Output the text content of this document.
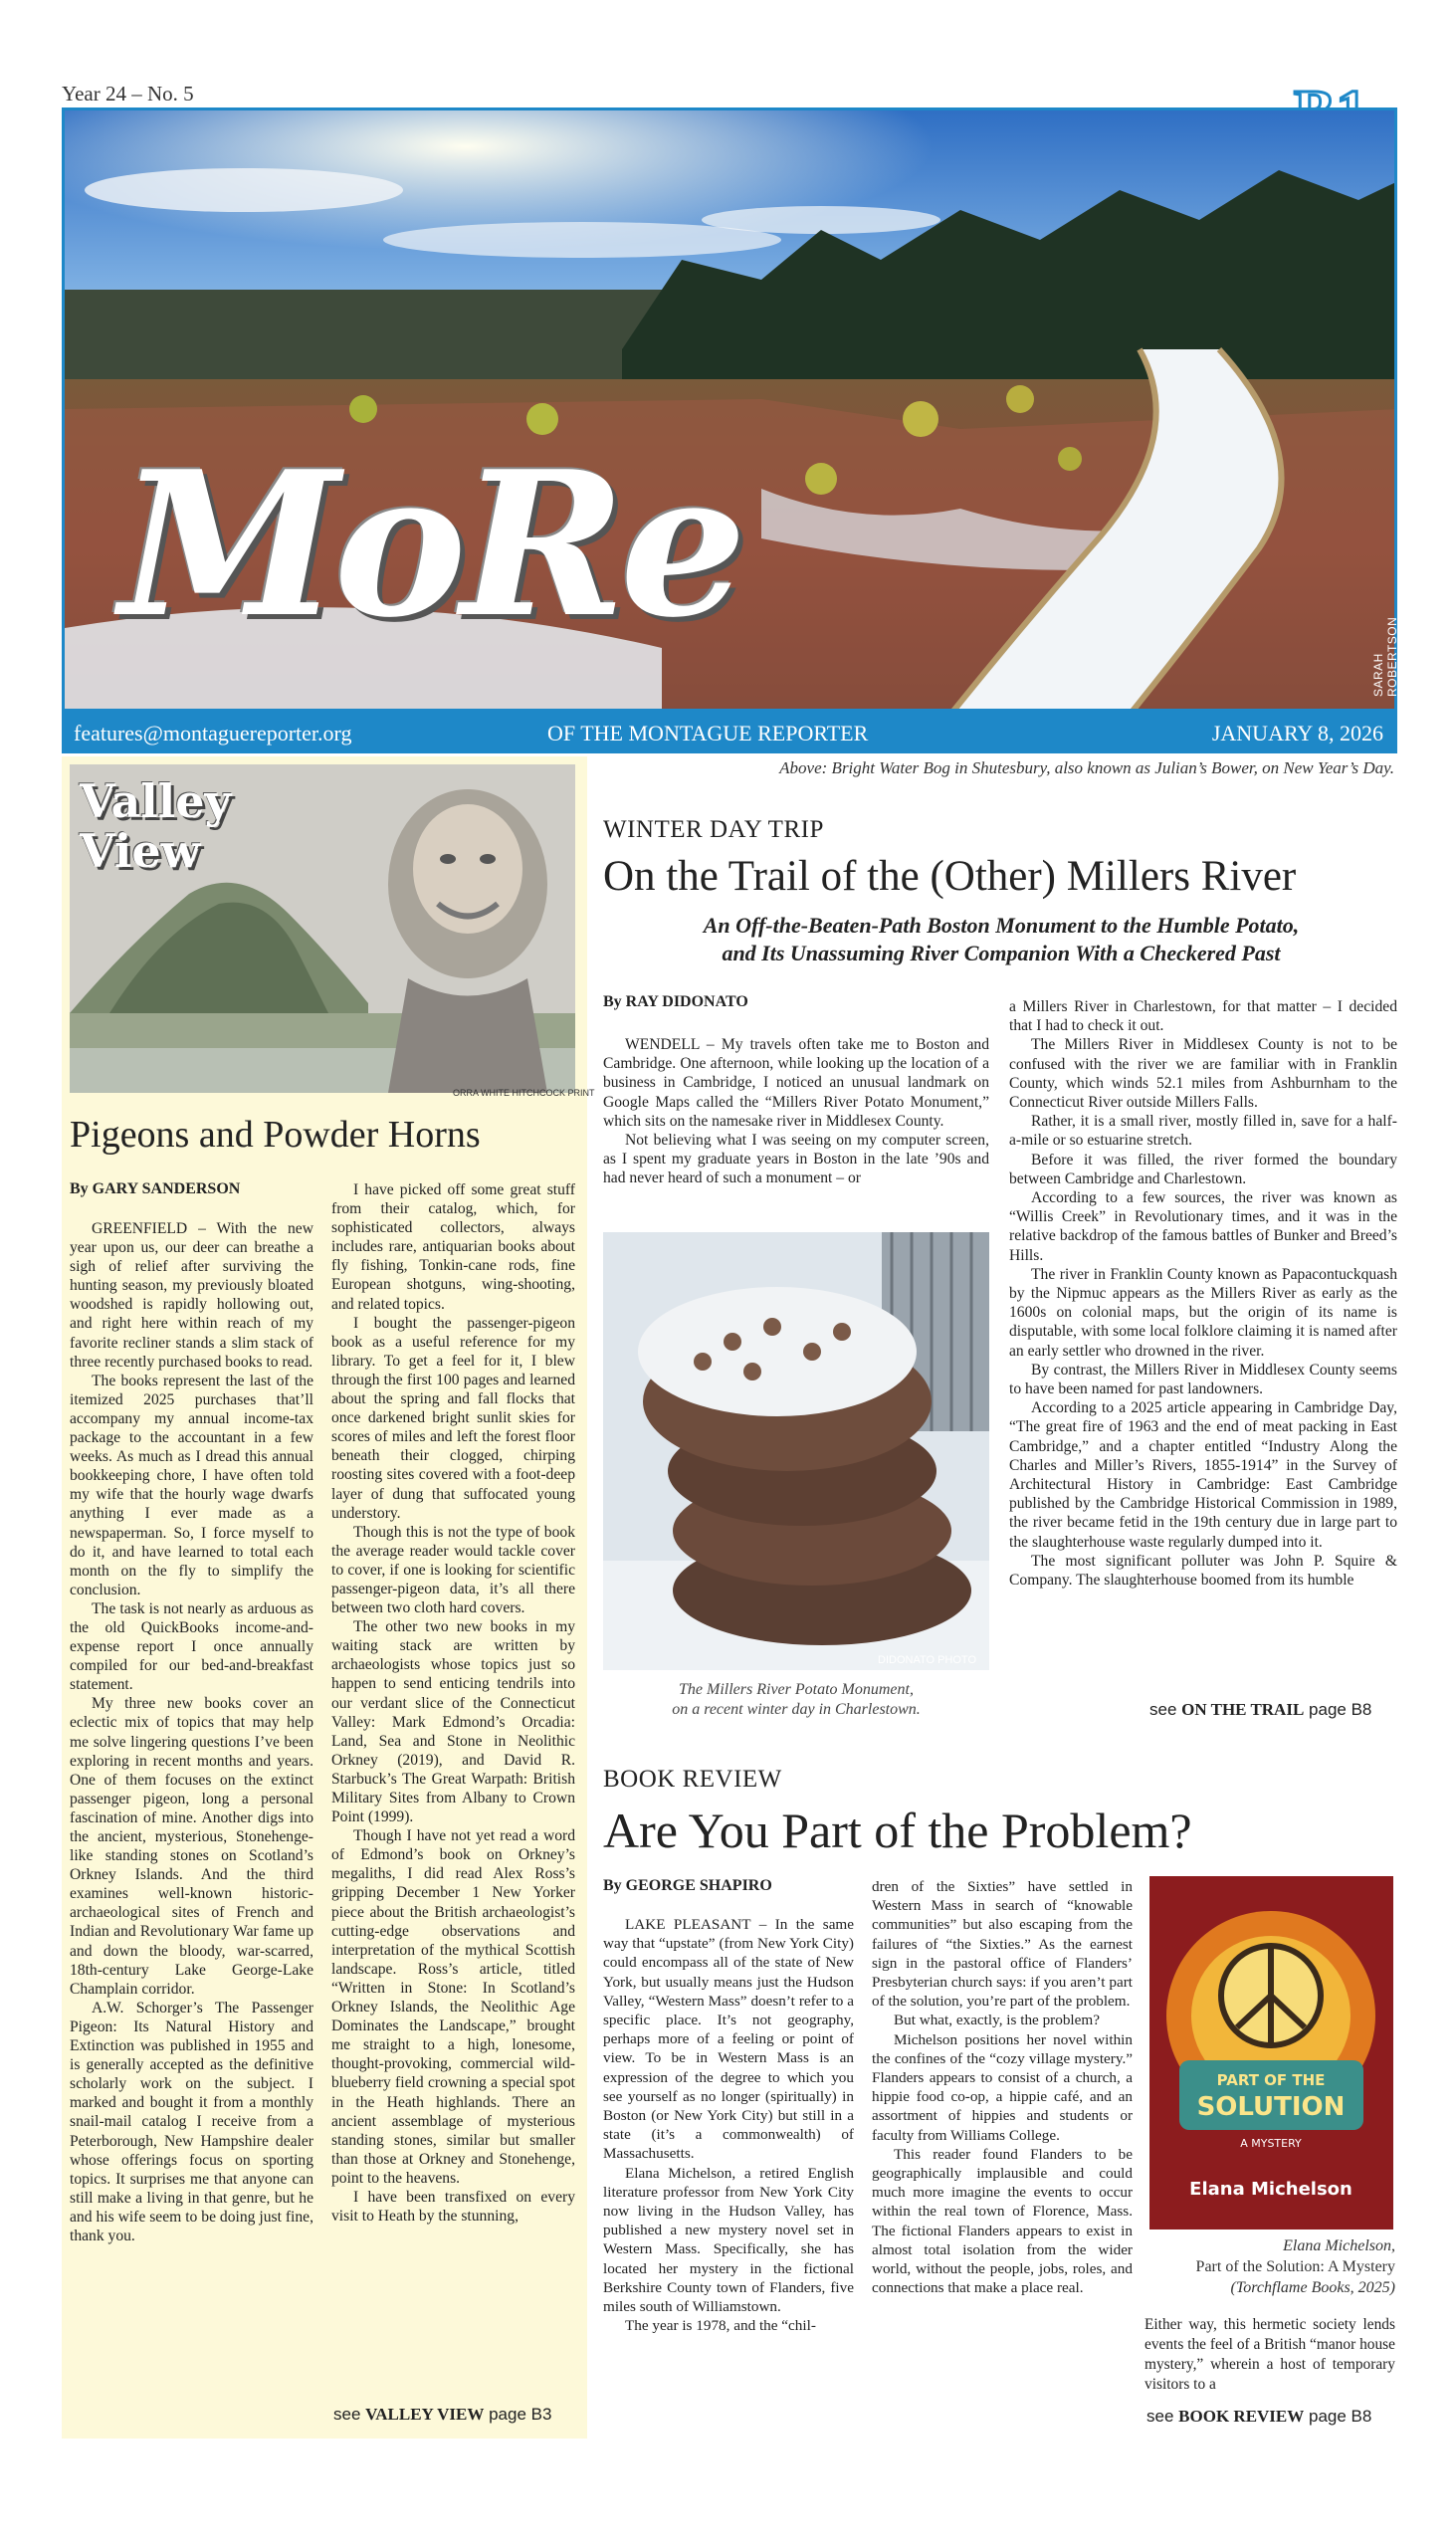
Year 24 – No. 5
MoRe
SARAH ROBERTSON PHOTO
features@montaguereporter.org	OF THE MONTAGUE REPORTER	JANUARY 8, 2026
Above: Bright Water Bog in Shutesbury, also known as Julian’s Bower, on New Year’s Day.
Valley
View
ORRA WHITE HITCHCOCK PRINT
Pigeons and Powder Horns
By GARY SANDERSON

GREENFIELD – With the new year upon us, our deer can breathe a sigh of relief after surviving the hunting season, my previously bloated woodshed is rapidly hollowing out, and right here within reach of my favorite recliner stands a slim stack of three recently purchased books to read.

The books represent the last of the itemized 2025 purchases that’ll accompany my annual income-tax package to the accountant in a few weeks. As much as I dread this annual bookkeeping chore, I have often told my wife that the hourly wage dwarfs anything I ever made as a newspaperman. So, I force myself to do it, and have learned to total each month on the fly to simplify the conclusion.

The task is not nearly as arduous as the old QuickBooks income-and-expense report I once annually compiled for our bed-and-breakfast statement.

My three new books cover an eclectic mix of topics that may help me solve lingering questions I’ve been exploring in recent months and years. One of them focuses on the extinct passenger pigeon, long a personal fascination of mine. Another digs into the ancient, mysterious, Stonehenge-like standing stones on Scotland’s Orkney Islands. And the third examines well-known historic-archaeological sites of French and Indian and Revolutionary War fame up and down the bloody, war-scarred, 18th-century Lake George-Lake Champlain corridor.

A.W. Schorger’s The Passenger Pigeon: Its Natural History and Extinction was published in 1955 and is generally accepted as the definitive scholarly work on the subject. I marked and bought it from a monthly snail-mail catalog I receive from a Peterborough, New Hampshire dealer whose offerings focus on sporting topics. It surprises me that anyone can still make a living in that genre, but he and his wife seem to be doing just fine, thank you.

I have picked off some great stuff from their catalog, which, for sophisticated collectors, always includes rare, antiquarian books about fly fishing, Tonkin-cane rods, fine European shotguns, wing-shooting, and related topics.

I bought the passenger-pigeon book as a useful reference for my library. To get a feel for it, I blew through the first 100 pages and learned about the spring and fall flocks that once darkened bright sunlit skies for scores of miles and left the forest floor beneath their clogged, chirping roosting sites covered with a foot-deep layer of dung that suffocated young understory.

Though this is not the type of book the average reader would tackle cover to cover, if one is looking for scientific passenger-pigeon data, it’s all there between two cloth hard covers.

The other two new books in my waiting stack are written by archaeologists whose topics just so happen to send enticing tendrils into our verdant slice of the Connecticut Valley: Mark Edmond’s Orcadia: Land, Sea and Stone in Neolithic Orkney (2019), and David R. Starbuck’s The Great Warpath: British Military Sites from Albany to Crown Point (1999).

Though I have not yet read a word of Edmond’s book on Orkney’s megaliths, I did read Alex Ross’s gripping December 1 New Yorker piece about the British archaeologist’s cutting-edge observations and interpretation of the mythical Scottish landscape. Ross’s article, titled “Written in Stone: In Scotland’s Orkney Islands, the Neolithic Age Dominates the Landscape,” brought me straight to a high, lonesome, thought-provoking, commercial wild-blueberry field crowning a special spot in the Heath highlands. There an ancient assemblage of mysterious standing stones, similar but smaller than those at Orkney and Stonehenge, point to the heavens.

I have been transfixed on every visit to Heath by the stunning,

see VALLEY VIEW page B3
WINTER DAY TRIP
On the Trail of the (Other) Millers River
An Off-the-Beaten-Path Boston Monument to the Humble Potato,
and Its Unassuming River Companion With a Checkered Past
By RAY DIDONATO

WENDELL – My travels often take me to Boston and Cambridge. One afternoon, while looking up the location of a business in Cambridge, I noticed an unusual landmark on Google Maps called the “Millers River Potato Monument,” which sits on the namesake river in Middlesex County.

Not believing what I was seeing on my computer screen, as I spent my graduate years in Boston in the late ’90s and had never heard of such a monument – or

DIDONATO PHOTO
The Millers River Potato Monument,
on a recent winter day in Charlestown.

a Millers River in Charlestown, for that matter – I decided that I had to check it out.

The Millers River in Middlesex County is not to be confused with the river we are familiar with in Franklin County, which winds 52.1 miles from Ashburnham to the Connecticut River outside Millers Falls.

Rather, it is a small river, mostly filled in, save for a half-a-mile or so estuarine stretch.

Before it was filled, the river formed the boundary between Cambridge and Charlestown.

According to a few sources, the river was known as “Willis Creek” in Revolutionary times, and it was in the relative backdrop of the famous battles of Bunker and Breed’s Hills.

The river in Franklin County known as Papacontuckquash by the Nipmuc appears as the Millers River as early as the 1600s on colonial maps, but the origin of its name is disputable, with some local folklore claiming it is named after an early settler who drowned in the river.

By contrast, the Millers River in Middlesex County seems to have been named for past landowners.

According to a 2025 article appearing in Cambridge Day, “The great fire of 1963 and the end of meat packing in East Cambridge,” and a chapter entitled “Industry Along the Charles and Miller’s Rivers, 1855-1914” in the Survey of Architectural History in Cambridge: East Cambridge published by the Cambridge Historical Commission in 1989, the river became fetid in the 19th century due in large part to the slaughterhouse waste regularly dumped into it.

The most significant polluter was John P. Squire & Company. The slaughterhouse boomed from its humble

see ON THE TRAIL page B8
BOOK REVIEW
Are You Part of the Problem?
By GEORGE SHAPIRO

LAKE PLEASANT – In the same way that “upstate” (from New York City) could encompass all of the state of New York, but usually means just the Hudson Valley, “Western Mass” doesn’t refer to a specific place. It’s not geography, perhaps more of a feeling or point of view. To be in Western Mass is an expression of the degree to which you see yourself as no longer (spiritually) in Boston (or New York City) but still in a state (it’s a commonwealth) of Massachusetts.

Elana Michelson, a retired English literature professor from New York City now living in the Hudson Valley, has published a new mystery novel set in Western Mass. Specifically, she has located her mystery in the fictional Berkshire County town of Flanders, five miles south of Williamstown.

The year is 1978, and the “chil-

dren of the Sixties” have settled in Western Mass in search of “knowable communities” but also escaping from the failures of “the Sixties.” As the earnest sign in the pastoral office of Flanders’ Presbyterian church says: if you aren’t part of the solution, you’re part of the problem.

But what, exactly, is the problem?

Michelson positions her novel within the confines of the “cozy village mystery.” Flanders appears to consist of a church, a hippie food co-op, a hippie café, and an assortment of hippies and students or faculty from Williams College.

This reader found Flanders to be geographically implausible and could much more imagine the events to occur within the real town of Florence, Mass. The fictional Flanders appears to exist in almost total isolation from the wider world, without the people, jobs, roles, and connections that make a place real.

PART OF THE
SOLUTION
A MYSTERY
Elana Michelson
Elana Michelson,
Part of the Solution: A Mystery
(Torchflame Books, 2025)

Either way, this hermetic society lends events the feel of a British “manor house mystery,” wherein a host of temporary visitors to a

see BOOK REVIEW page B8
